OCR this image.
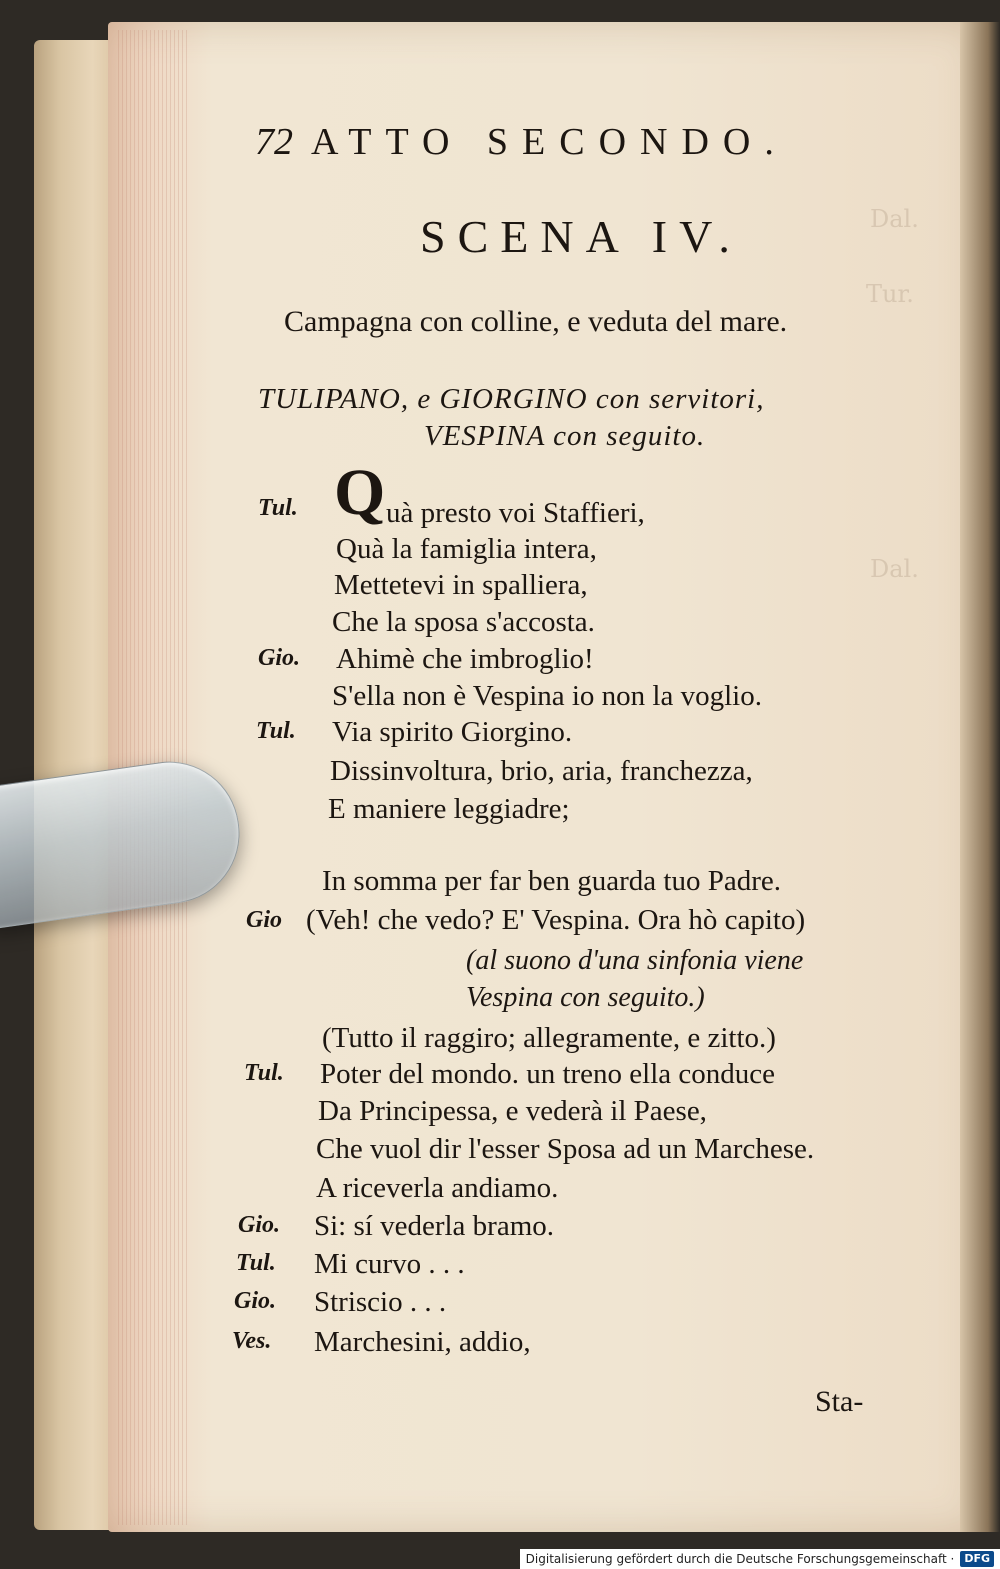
Dal.
Tur.
Dal.
72 ATTO SECONDO.
SCENA IV.
Campagna con colline, e veduta del mare.
TULIPANO, e GIORGINO con servitori,
VESPINA con seguito.
Q
Tul.	uà presto voi Staffieri,
Quà la famiglia intera,
Mettetevi in spalliera,
Che la sposa s'accosta.
Gio. Ahimè che imbroglio!
S'ella non è Vespina io non la voglio.
Tul. Via spirito Giorgino.
Dissinvoltura, brio, aria, franchezza,
E maniere leggiadre;
In somma per far ben guarda tuo Padre.
Gio (Veh! che vedo? E' Vespina. Ora hò capito)
(al suono d'una sinfonia viene
Vespina con seguito.)
(Tutto il raggiro; allegramente, e zitto.)
Tul. Poter del mondo. un treno ella conduce
Da Principessa, e vederà il Paese,
Che vuol dir l'esser Sposa ad un Marchese.
A riceverla andiamo.
Gio. Si: sí vederla bramo.
Tul. Mi curvo . . .
Gio. Striscio . . .
Ves. Marchesini, addio,
Sta-
Digitalisierung gefördert durch die Deutsche Forschungsgemeinschaft · DFG
